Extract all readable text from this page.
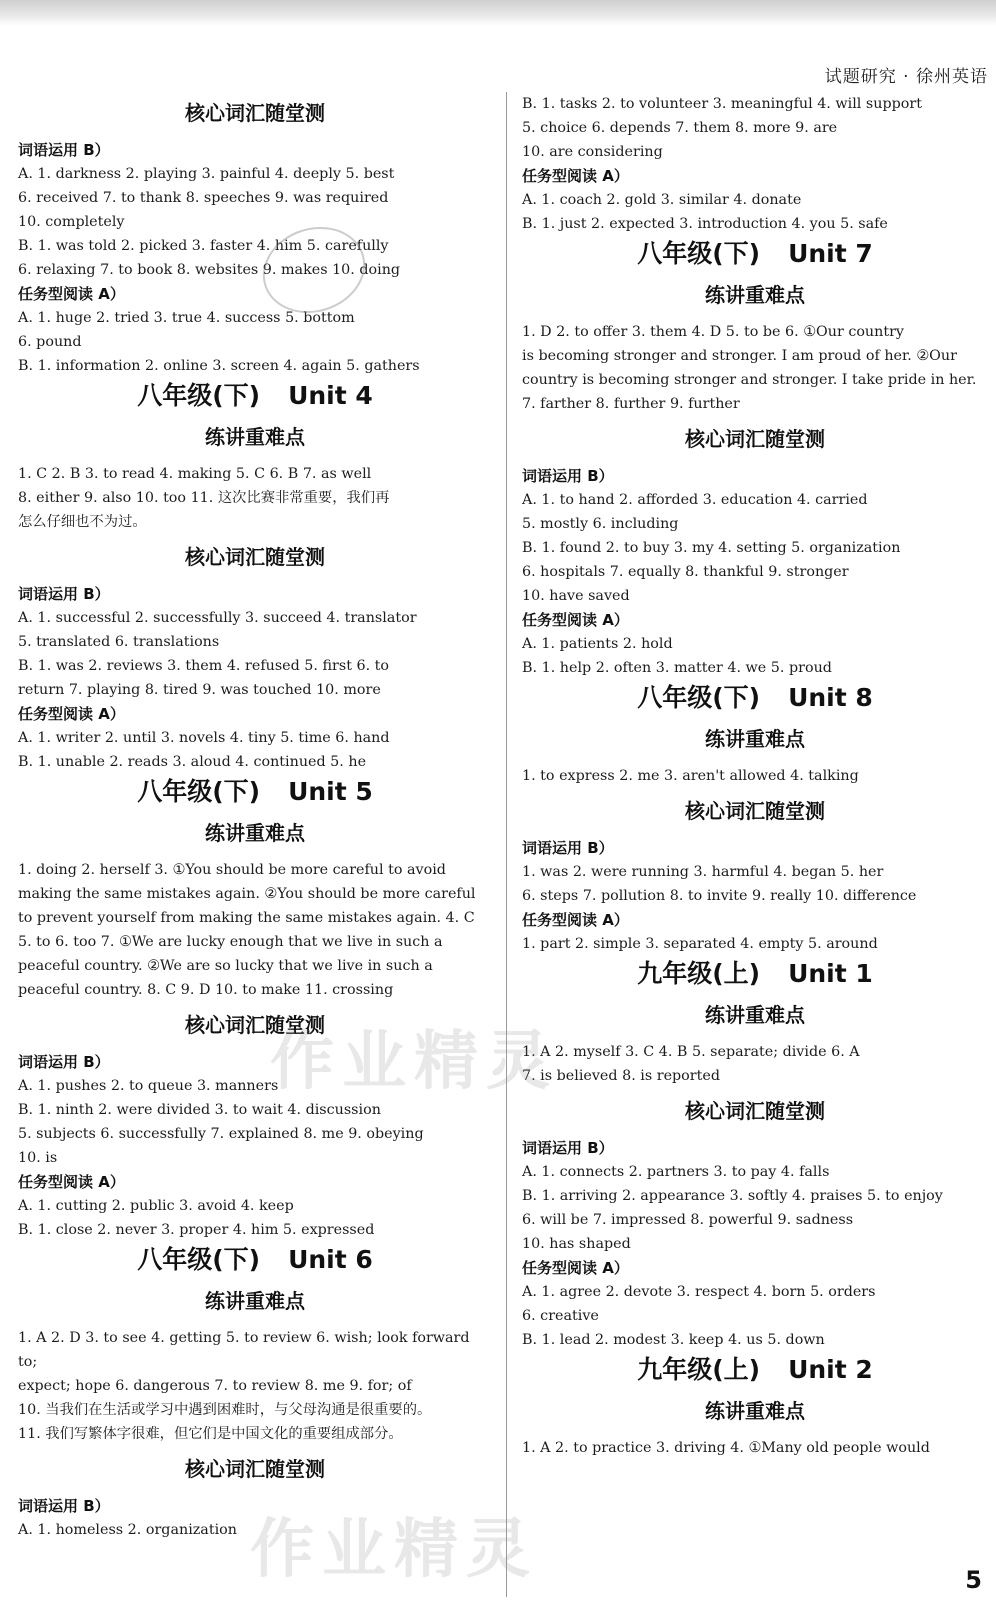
试题研究 · 徐州英语
核心词汇随堂测
词语运用 B）
A. 1. darkness 2. playing 3. painful 4. deeply 5. best
6. received 7. to thank 8. speeches 9. was required
10. completely
B. 1. was told 2. picked 3. faster 4. him 5. carefully
6. relaxing 7. to book 8. websites 9. makes 10. doing
任务型阅读 A）
A. 1. huge 2. tried 3. true 4. success 5. bottom
6. pound
B. 1. information 2. online 3. screen 4. again 5. gathers
八年级(下) Unit 4
练讲重难点
1. C 2. B 3. to read 4. making 5. C 6. B 7. as well
8. either 9. also 10. too 11. 这次比赛非常重要，我们再
怎么仔细也不为过。
核心词汇随堂测
词语运用 B）
A. 1. successful 2. successfully 3. succeed 4. translator
5. translated 6. translations
B. 1. was 2. reviews 3. them 4. refused 5. first 6. to
return 7. playing 8. tired 9. was touched 10. more
任务型阅读 A）
A. 1. writer 2. until 3. novels 4. tiny 5. time 6. hand
B. 1. unable 2. reads 3. aloud 4. continued 5. he
八年级(下) Unit 5
练讲重难点
1. doing 2. herself 3. ①You should be more careful to avoid
making the same mistakes again. ②You should be more careful
to prevent yourself from making the same mistakes again. 4. C
5. to 6. too 7. ①We are lucky enough that we live in such a
peaceful country. ②We are so lucky that we live in such a
peaceful country. 8. C 9. D 10. to make 11. crossing
核心词汇随堂测
词语运用 B）
A. 1. pushes 2. to queue 3. manners
B. 1. ninth 2. were divided 3. to wait 4. discussion
5. subjects 6. successfully 7. explained 8. me 9. obeying
10. is
任务型阅读 A）
A. 1. cutting 2. public 3. avoid 4. keep
B. 1. close 2. never 3. proper 4. him 5. expressed
八年级(下) Unit 6
练讲重难点
1. A 2. D 3. to see 4. getting 5. to review 6. wish; look forward to;
expect; hope 6. dangerous 7. to review 8. me 9. for; of
10. 当我们在生活或学习中遇到困难时，与父母沟通是很重要的。
11. 我们写繁体字很难，但它们是中国文化的重要组成部分。
核心词汇随堂测
词语运用 B）
A. 1. homeless 2. organization
B. 1. tasks 2. to volunteer 3. meaningful 4. will support
5. choice 6. depends 7. them 8. more 9. are
10. are considering
任务型阅读 A）
A. 1. coach 2. gold 3. similar 4. donate
B. 1. just 2. expected 3. introduction 4. you 5. safe
八年级(下) Unit 7
练讲重难点
1. D 2. to offer 3. them 4. D 5. to be 6. ①Our country
is becoming stronger and stronger. I am proud of her. ②Our
country is becoming stronger and stronger. I take pride in her.
7. farther 8. further 9. further
核心词汇随堂测
词语运用 B）
A. 1. to hand 2. afforded 3. education 4. carried
5. mostly 6. including
B. 1. found 2. to buy 3. my 4. setting 5. organization
6. hospitals 7. equally 8. thankful 9. stronger
10. have saved
任务型阅读 A）
A. 1. patients 2. hold
B. 1. help 2. often 3. matter 4. we 5. proud
八年级(下) Unit 8
练讲重难点
1. to express 2. me 3. aren't allowed 4. talking
核心词汇随堂测
词语运用 B）
1. was 2. were running 3. harmful 4. began 5. her
6. steps 7. pollution 8. to invite 9. really 10. difference
任务型阅读 A）
1. part 2. simple 3. separated 4. empty 5. around
九年级(上) Unit 1
练讲重难点
1. A 2. myself 3. C 4. B 5. separate; divide 6. A
7. is believed 8. is reported
核心词汇随堂测
词语运用 B）
A. 1. connects 2. partners 3. to pay 4. falls
B. 1. arriving 2. appearance 3. softly 4. praises 5. to enjoy
6. will be 7. impressed 8. powerful 9. sadness
10. has shaped
任务型阅读 A）
A. 1. agree 2. devote 3. respect 4. born 5. orders
6. creative
B. 1. lead 2. modest 3. keep 4. us 5. down
九年级(上) Unit 2
练讲重难点
1. A 2. to practice 3. driving 4. ①Many old people would
作业精灵
作业精灵	5
